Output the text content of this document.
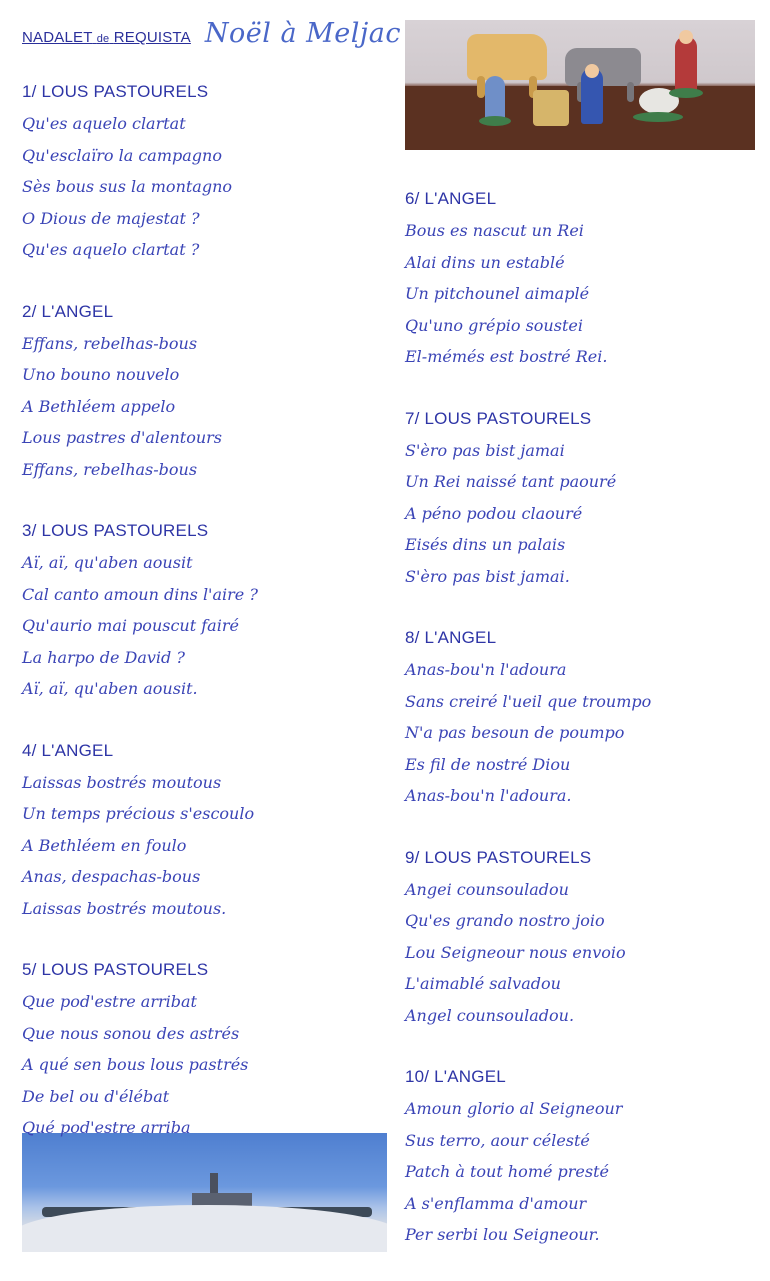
NADALET de REQUISTA Noël à Meljac
1/ LOUS PASTOURELS
Qu'es aquelo clartat
Qu'esclaïro la campagno
Sès bous sus la montagno
O Dious de majestat ?
Qu'es aquelo clartat ?
2/ L'ANGEL
Effans, rebelhas-bous
Uno bouno nouvelo
A Bethléem appelo
Lous pastres d'alentours
Effans, rebelhas-bous
3/ LOUS PASTOURELS
Aï, aï, qu'aben aousit
Cal canto amoun dins l'aire ?
Qu'aurio mai pouscut fairé
La harpo de David ?
Aï, aï, qu'aben aousit.
4/ L'ANGEL
Laissas bostrés moutous
Un temps précious s'escoulo
A Bethléem en foulo
Anas, despachas-bous
Laissas bostrés moutous.
5/ LOUS PASTOURELS
Que pod'estre arribat
Que nous sonou des astrés
A qué sen bous lous pastrés
De bel ou d'élébat
Qué pod'estre arriba
6/ L'ANGEL
Bous es nascut un Rei
Alai dins un establé
Un pitchounel aimaplé
Qu'uno grépio soustei
El-mémés est bostré Rei.
7/ LOUS PASTOURELS
S'èro pas bist jamai
Un Rei naissé tant paouré
A péno podou claouré
Eisés dins un palais
S'èro pas bist jamai.
8/ L'ANGEL
Anas-bou'n l'adoura
Sans creiré l'ueil que troumpo
N'a pas besoun de poumpo
Es fil de nostré Diou
Anas-bou'n l'adoura.
9/ LOUS PASTOURELS
Angei counsouladou
Qu'es grando nostro joio
Lou Seigneour nous envoio
L'aimablé salvadou
Angel counsouladou.
10/ L'ANGEL
Amoun glorio al Seigneour
Sus terro, aour célesté
Patch à tout homé presté
A s'enflamma d'amour
Per serbi lou Seigneour.
